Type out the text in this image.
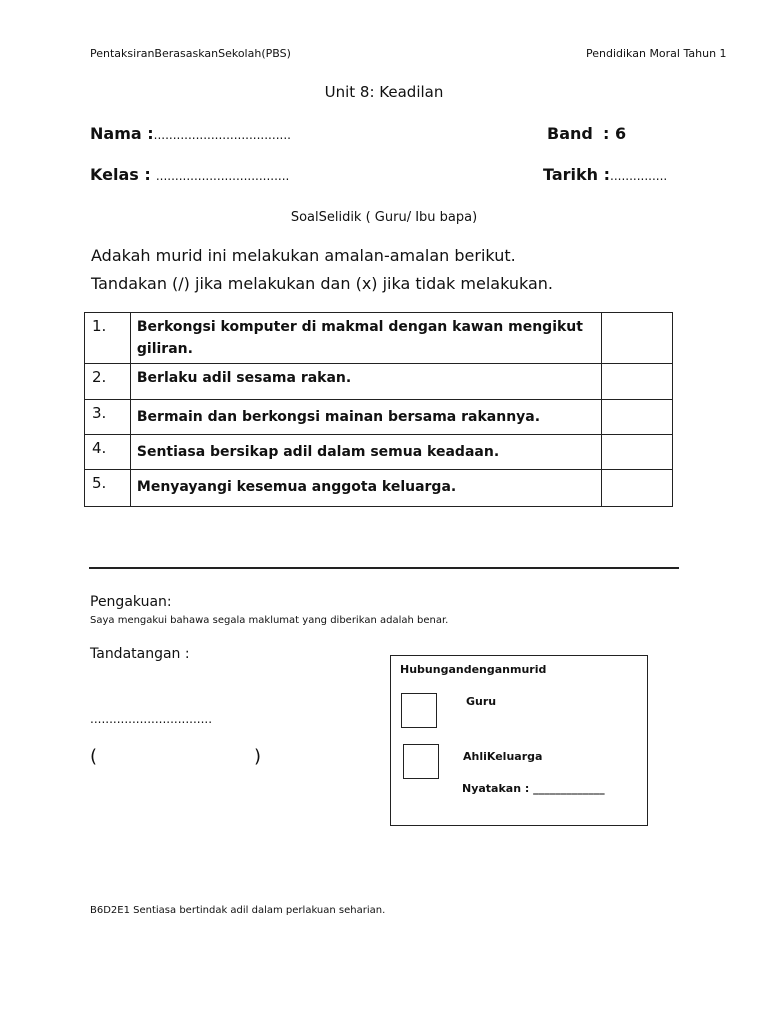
PentaksiranBerasaskanSekolah(PBS)	Pendidikan Moral Tahun 1
Unit 8: Keadilan
Nama :....................................	Band : 6
Kelas : ...................................	Tarikh :...............
SoalSelidik ( Guru/ Ibu bapa)
Adakah murid ini melakukan amalan-amalan berikut.
Tandakan (/) jika melakukan dan (x) jika tidak melakukan.
1.	Berkongsi komputer di makmal dengan kawan mengikut giliran.	
2.	Berlaku adil sesama rakan.	
3.	Bermain dan berkongsi mainan bersama rakannya.	
4.	Sentiasa bersikap adil dalam semua keadaan.	
5.	Menyayangi kesemua anggota keluarga.	
Pengakuan:
Saya mengakui bahawa segala maklumat yang diberikan adalah benar.
Tandatangan :
................................
(	)
Hubungandenganmurid
Guru
AhliKeluarga
Nyatakan : _____________
B6D2E1 Sentiasa bertindak adil dalam perlakuan seharian.
